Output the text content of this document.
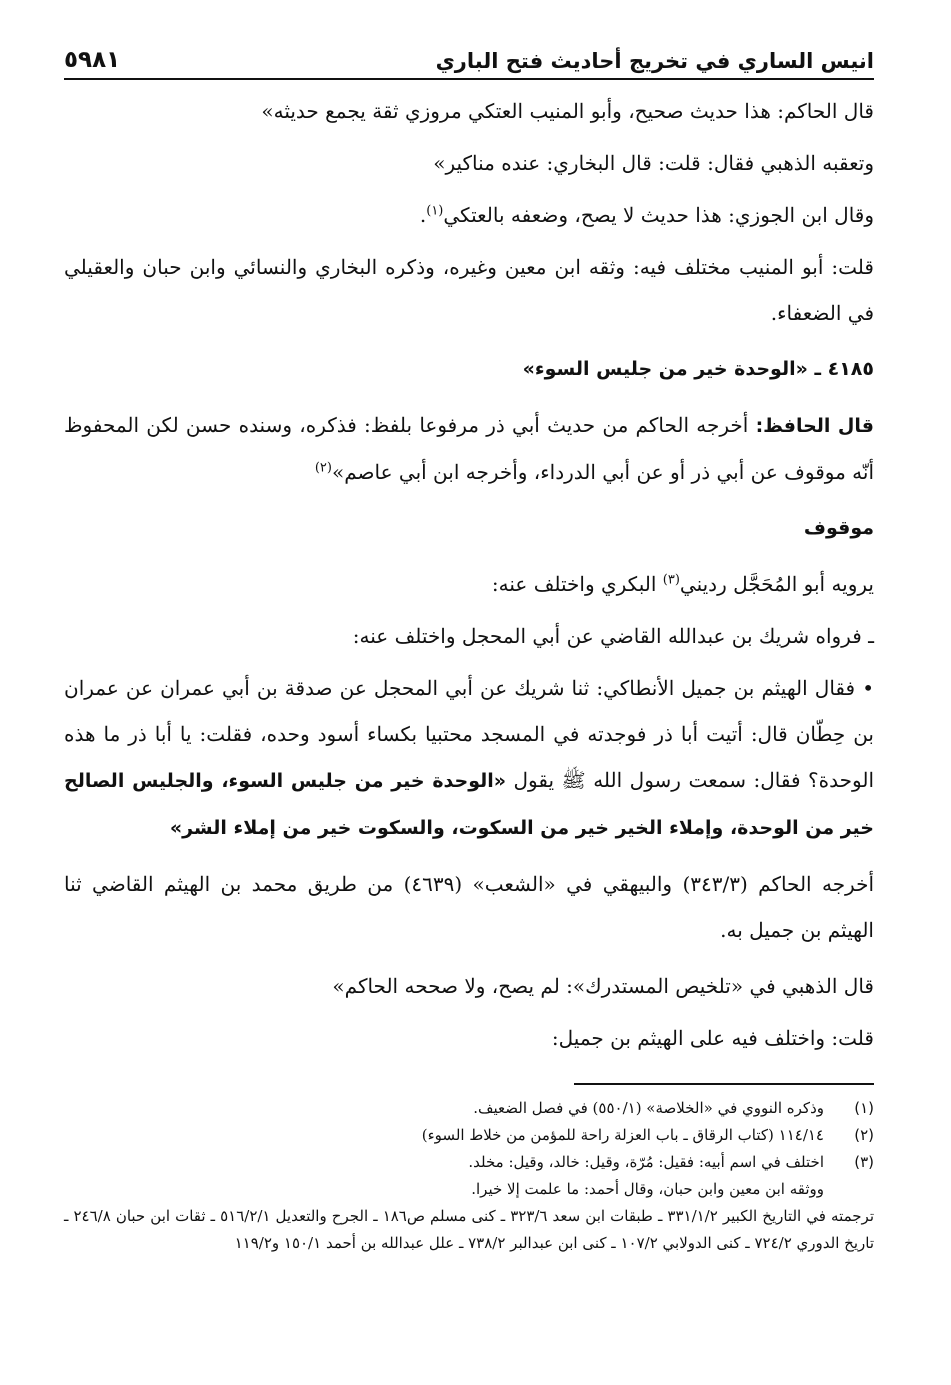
انيس الساري في تخريج أحاديث فتح الباري
٥٩٨١

قال الحاكم: هذا حديث صحيح، وأبو المنيب العتكي مروزي ثقة يجمع حديثه»

وتعقبه الذهبي فقال: قلت: قال البخاري: عنده مناكير»

وقال ابن الجوزي: هذا حديث لا يصح، وضعفه بالعتكي$^{(١)}$.

قلت: أبو المنيب مختلف فيه: وثقه ابن معين وغيره، وذكره البخاري والنسائي وابن حبان والعقيلي في الضعفاء.

٤١٨٥ ـ «الوحدة خير من جليس السوء»

قال الحافظ: أخرجه الحاكم من حديث أبي ذر مرفوعا بلفظ: فذكره، وسنده حسن لكن المحفوظ أنّه موقوف عن أبي ذر أو عن أبي الدرداء، وأخرجه ابن أبي عاصم»$^{(٢)}$

موقوف

يرويه أبو المُحَجَّل رديني$^{(٣)}$ البكري واختلف عنه:

ـ فرواه شريك بن عبدالله القاضي عن أبي المحجل واختلف عنه:

• فقال الهيثم بن جميل الأنطاكي: ثنا شريك عن أبي المحجل عن صدقة بن أبي عمران عن عمران بن حِطّان قال: أتيت أبا ذر فوجدته في المسجد محتبيا بكساء أسود وحده، فقلت: يا أبا ذر ما هذه الوحدة؟ فقال: سمعت رسول الله ﷺ يقول «الوحدة خير من جليس السوء، والجليس الصالح خير من الوحدة، وإملاء الخير خير من السكوت، والسكوت خير من إملاء الشر»

أخرجه الحاكم (٣٤٣/٣) والبيهقي في «الشعب» (٤٦٣٩) من طريق محمد بن الهيثم القاضي ثنا الهيثم بن جميل به.

قال الذهبي في «تلخيص المستدرك»: لم يصح، ولا صححه الحاكم»

قلت: واختلف فيه على الهيثم بن جميل:

(١)
وذكره النووي في «الخلاصة» (٥٥٠/١) في فصل الضعيف.
(٢)
١١٤/١٤ (كتاب الرقاق ـ باب العزلة راحة للمؤمن من خلاط السوء)
(٣)
اختلف في اسم أبيه: فقيل: مُرّة، وقيل: خالد، وقيل: مخلد.
ووثقه ابن معين وابن حبان، وقال أحمد: ما علمت إلا خيرا.
ترجمته في التاريخ الكبير ٣٣١/١/٢ ـ طبقات ابن سعد ٣٢٣/٦ ـ كنى مسلم ص١٨٦ ـ الجرح والتعديل ٥١٦/٢/١ ـ ثقات ابن حبان ٢٤٦/٨ ـ تاريخ الدوري ٧٢٤/٢ ـ كنى الدولابي ١٠٧/٢ ـ كنى ابن عبدالبر ٧٣٨/٢ ـ علل عبدالله بن أحمد ١٥٠/١ و١١٩/٢
